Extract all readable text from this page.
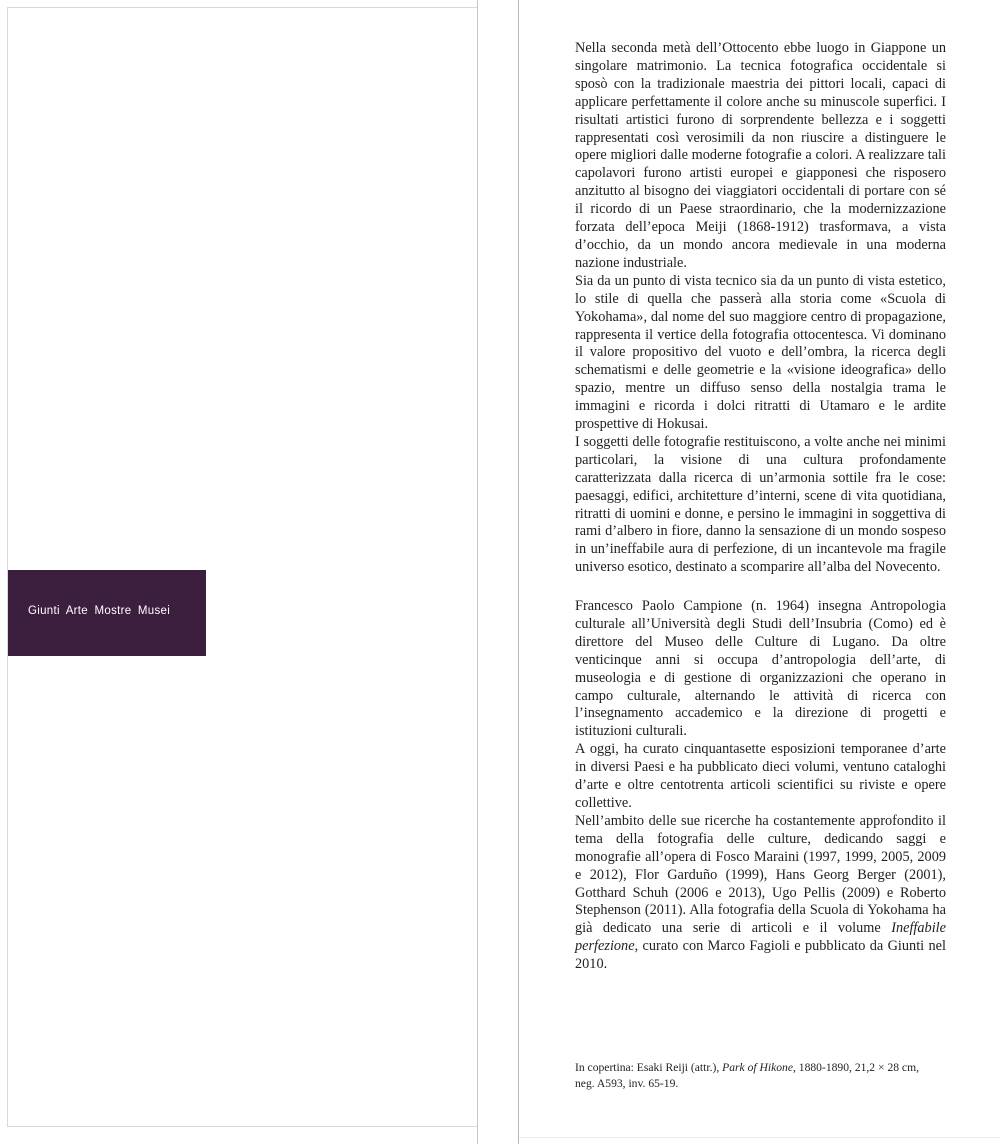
Giunti Arte Mostre Musei

Nella seconda metà dell’Ottocento ebbe luogo in Giappone un singolare matrimonio. La tecnica fotografica occidentale si sposò con la tradizionale maestria dei pittori locali, capaci di applicare perfettamente il colore anche su minuscole superfici. I risultati artistici furono di sorprendente bellezza e i soggetti rappresentati così verosimili da non riuscire a distinguere le opere migliori dalle moderne fotografie a colori. A realizzare tali capolavori furono artisti europei e giapponesi che risposero anzitutto al bisogno dei viaggiatori occidentali di portare con sé il ricordo di un Paese straordinario, che la modernizzazione forzata dell’epoca Meiji (1868-1912) trasformava, a vista d’occhio, da un mondo ancora medievale in una moderna nazione industriale.

Sia da un punto di vista tecnico sia da un punto di vista estetico, lo stile di quella che passerà alla storia come «Scuola di Yokohama», dal nome del suo maggiore centro di propagazione, rappresenta il vertice della fotografia ottocentesca. Vi dominano il valore propositivo del vuoto e dell’ombra, la ricerca degli schematismi e delle geometrie e la «visione ideografica» dello spazio, mentre un diffuso senso della nostalgia trama le immagini e ricorda i dolci ritratti di Utamaro e le ardite prospettive di Hokusai.

I soggetti delle fotografie restituiscono, a volte anche nei minimi particolari, la visione di una cultura profondamente caratterizzata dalla ricerca di un’armonia sottile fra le cose: paesaggi, edifici, architetture d’interni, scene di vita quotidiana, ritratti di uomini e donne, e persino le immagini in soggettiva di rami d’albero in fiore, danno la sensazione di un mondo sospeso in un’ineffabile aura di perfezione, di un incantevole ma fragile universo esotico, destinato a scomparire all’alba del Novecento.

Francesco Paolo Campione (n. 1964) insegna Antropologia culturale all’Università degli Studi dell’Insubria (Como) ed è direttore del Museo delle Culture di Lugano. Da oltre venticinque anni si occupa d’antropologia dell’arte, di museologia e di gestione di organizzazioni che operano in campo culturale, alternando le attività di ricerca con l’insegnamento accademico e la direzione di progetti e istituzioni culturali.

A oggi, ha curato cinquantasette esposizioni temporanee d’arte in diversi Paesi e ha pubblicato dieci volumi, ventuno cataloghi d’arte e oltre centotrenta articoli scientifici su riviste e opere collettive.

Nell’ambito delle sue ricerche ha costantemente approfondito il tema della fotografia delle culture, dedicando saggi e monografie all’opera di Fosco Maraini (1997, 1999, 2005, 2009 e 2012), Flor Garduño (1999), Hans Georg Berger (2001), Gotthard Schuh (2006 e 2013), Ugo Pellis (2009) e Roberto Stephenson (2011). Alla fotografia della Scuola di Yokohama ha già dedicato una serie di articoli e il volume Ineffabile perfezione, curato con Marco Fagioli e pubblicato da Giunti nel 2010.

In copertina: Esaki Reiji (attr.), Park of Hikone, 1880-1890, 21,2 × 28 cm,
neg. A593, inv. 65-19.
